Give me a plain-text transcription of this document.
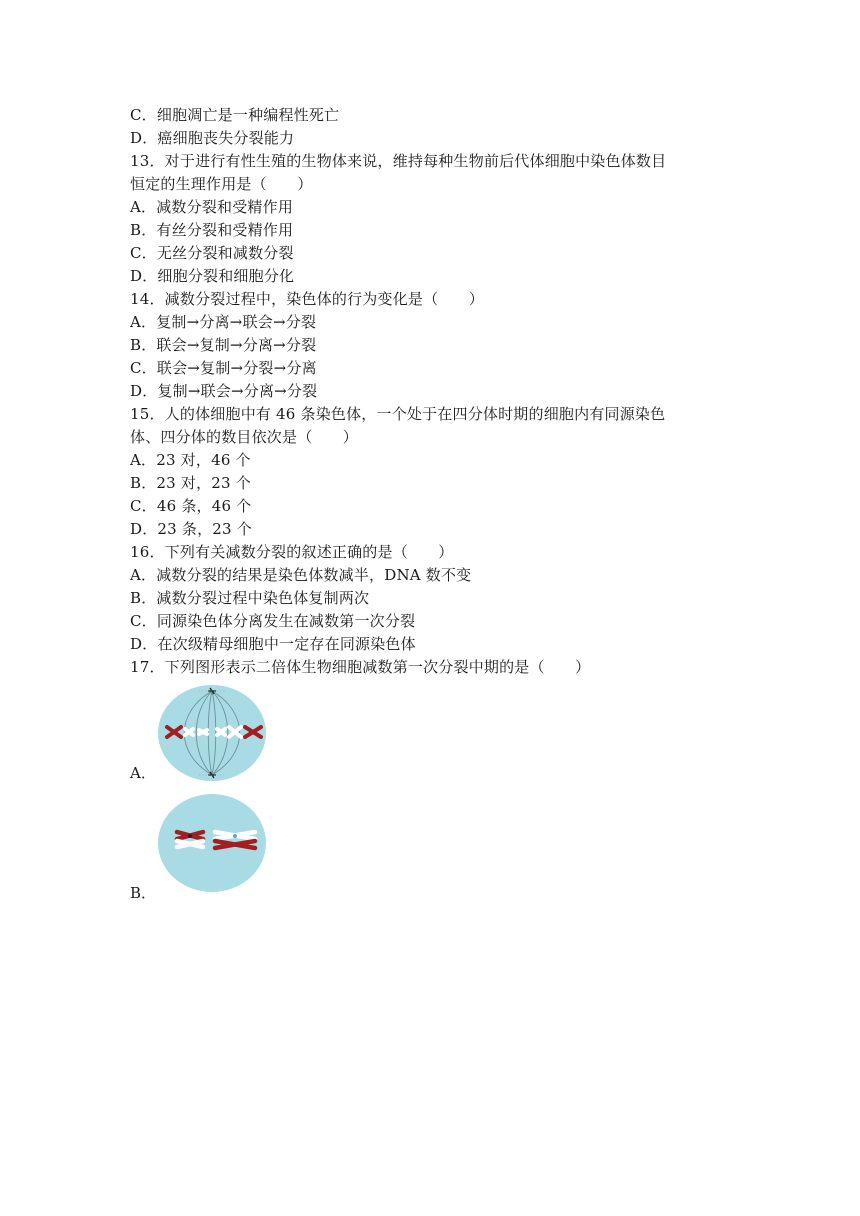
C．细胞凋亡是一种编程性死亡
D．癌细胞丧失分裂能力
13．对于进行有性生殖的生物体来说，维持每种生物前后代体细胞中染色体数目
恒定的生理作用是（　　）
A．减数分裂和受精作用
B．有丝分裂和受精作用
C．无丝分裂和减数分裂
D．细胞分裂和细胞分化
14．减数分裂过程中，染色体的行为变化是（　　）
A．复制→分离→联会→分裂
B．联会→复制→分离→分裂
C．联会→复制→分裂→分离
D．复制→联会→分离→分裂
15．人的体细胞中有 46 条染色体，一个处于在四分体时期的细胞内有同源染色
体、四分体的数目依次是（　　）
A．23 对，46 个
B．23 对，23 个
C．46 条，46 个
D．23 条，23 个
16．下列有关减数分裂的叙述正确的是（　　）
A．减数分裂的结果是染色体数减半，DNA 数不变
B．减数分裂过程中染色体复制两次
C．同源染色体分离发生在减数第一次分裂
D．在次级精母细胞中一定存在同源染色体
17．下列图形表示二倍体生物细胞减数第一次分裂中期的是（　　）
A．
B．
